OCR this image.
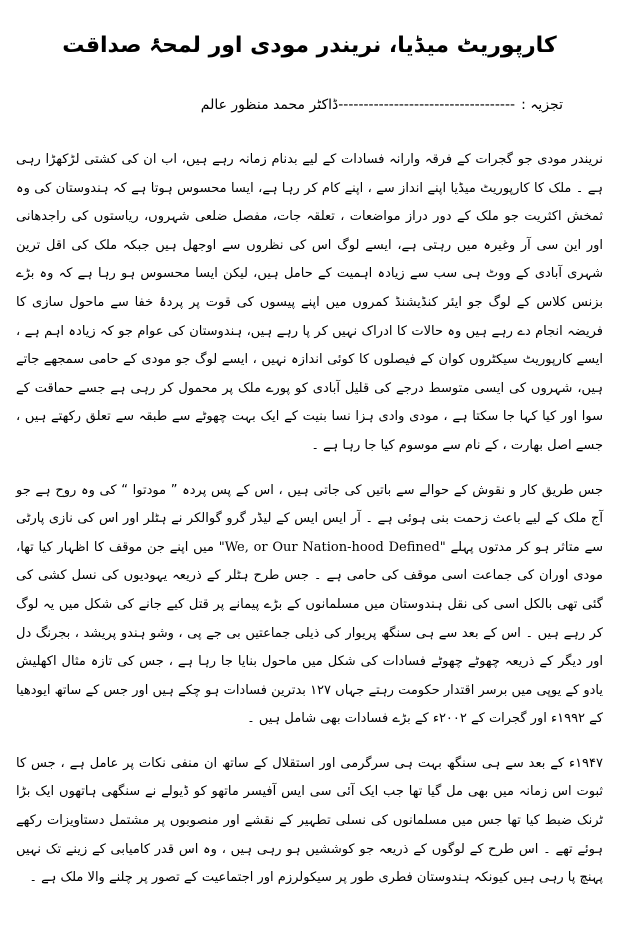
کارپوریٹ میڈیا، نریندر مودی اور لمحۂ صداقت
تجزیہ :-----------------------------------ڈاکٹر محمد منظور عالم

نریندر مودی جو گجرات کے فرقہ وارانہ فسادات کے لیے بدنام زمانہ رہے ہیں، اب ان کی کشتی لڑکھڑا رہی ہے ۔ ملک کا کارپوریٹ میڈیا اپنے انداز سے ، اپنے کام کر رہا ہے، ایسا محسوس ہوتا ہے کہ ہندوستان کی وہ ثمخش اکثریت جو ملک کے دور دراز مواضعات ، تعلقہ جات، مفصل ضلعی شہروں، ریاستوں کی راجدھانی اور این سی آر وغیرہ میں رہتی ہے، ایسے لوگ اس کی نظروں سے اوجھل ہیں جبکہ ملک کی اقل ترین شہری آبادی کے ووٹ ہی سب سے زیادہ اہمیت کے حامل ہیں، لیکن ایسا محسوس ہو رہا ہے کہ وہ بڑے بزنس کلاس کے لوگ جو ایئر کنڈیشنڈ کمروں میں اپنے پیسوں کی قوت پر پردۂ خفا سے ماحول سازی کا فریضہ انجام دے رہے ہیں وہ حالات کا ادراک نہیں کر پا رہے ہیں، ہندوستان کی عوام جو کہ زیادہ اہم ہے ، ایسے کارپوریٹ سیکٹروں کوان کے فیصلوں کا کوئی اندازہ نہیں ، ایسے لوگ جو مودی کے حامی سمجھے جاتے ہیں، شہروں کی ایسی متوسط درجے کی قلیل آبادی کو پورے ملک پر محمول کر رہی ہے جسے حماقت کے سوا اور کیا کہا جا سکتا ہے ، مودی وادی ہزا نسا بنیت کے ایک بہت چھوٹے سے طبقہ سے تعلق رکھتے ہیں ، جسے اصل بھارت ، کے نام سے موسوم کیا جا رہا ہے ۔

جس طریق کار و نقوش کے حوالے سے باتیں کی جاتی ہیں ، اس کے پس پردہ ” مودتوا “ کی وہ روح ہے جو آج ملک کے لیے باعث زحمت بنی ہوئی ہے ۔ آر ایس ایس کے لیڈر گرو گوالکر نے ہٹلر اور اس کی نازی پارٹی سے متاثر ہو کر مدتوں پہلے "We, or Our Nation-hood Defined" میں اپنے جن موقف کا اظہار کیا تھا، مودی اوران کی جماعت اسی موقف کی حامی ہے ۔ جس طرح ہٹلر کے ذریعہ یہودیوں کی نسل کشی کی گئی تھی بالکل اسی کی نقل ہندوستان میں مسلمانوں کے بڑے پیمانے پر قتل کیے جانے کی شکل میں یہ لوگ کر رہے ہیں ۔ اس کے بعد سے ہی سنگھ پریوار کی ذیلی جماعتیں بی جے پی ، وشو ہندو پریشد ، بجرنگ دل اور دیگر کے ذریعہ چھوٹے چھوٹے فسادات کی شکل میں ماحول بنایا جا رہا ہے ، جس کی تازہ مثال اکھلیش یادو کے یوپی میں برسر اقتدار حکومت رہتے جہاں ۱۲۷ بدترین فسادات ہو چکے ہیں اور جس کے ساتھ ایودھیا کے ۱۹۹۲ء اور گجرات کے ۲۰۰۲ء کے بڑے فسادات بھی شامل ہیں ۔

۱۹۴۷ء کے بعد سے ہی سنگھ بہت ہی سرگرمی اور استقلال کے ساتھ ان منفی نکات پر عامل ہے ، جس کا ثبوت اس زمانہ میں بھی مل گیا تھا جب ایک آئی سی ایس آفیسر ماتھو کو ڈیولے نے سنگھی ہاتھوں ایک بڑا ٹرنک ضبط کیا تھا جس میں مسلمانوں کی نسلی تطہیر کے نقشے اور منصوبوں پر مشتمل دستاویزات رکھے ہوئے تھے ۔ اس طرح کے لوگوں کے ذریعہ جو کوششیں ہو رہی ہیں ، وہ اس قدر کامیابی کے زینے تک نہیں پہنچ پا رہی ہیں کیونکہ ہندوستان فطری طور پر سیکولرزم اور اجتماعیت کے تصور پر چلنے والا ملک ہے ۔
